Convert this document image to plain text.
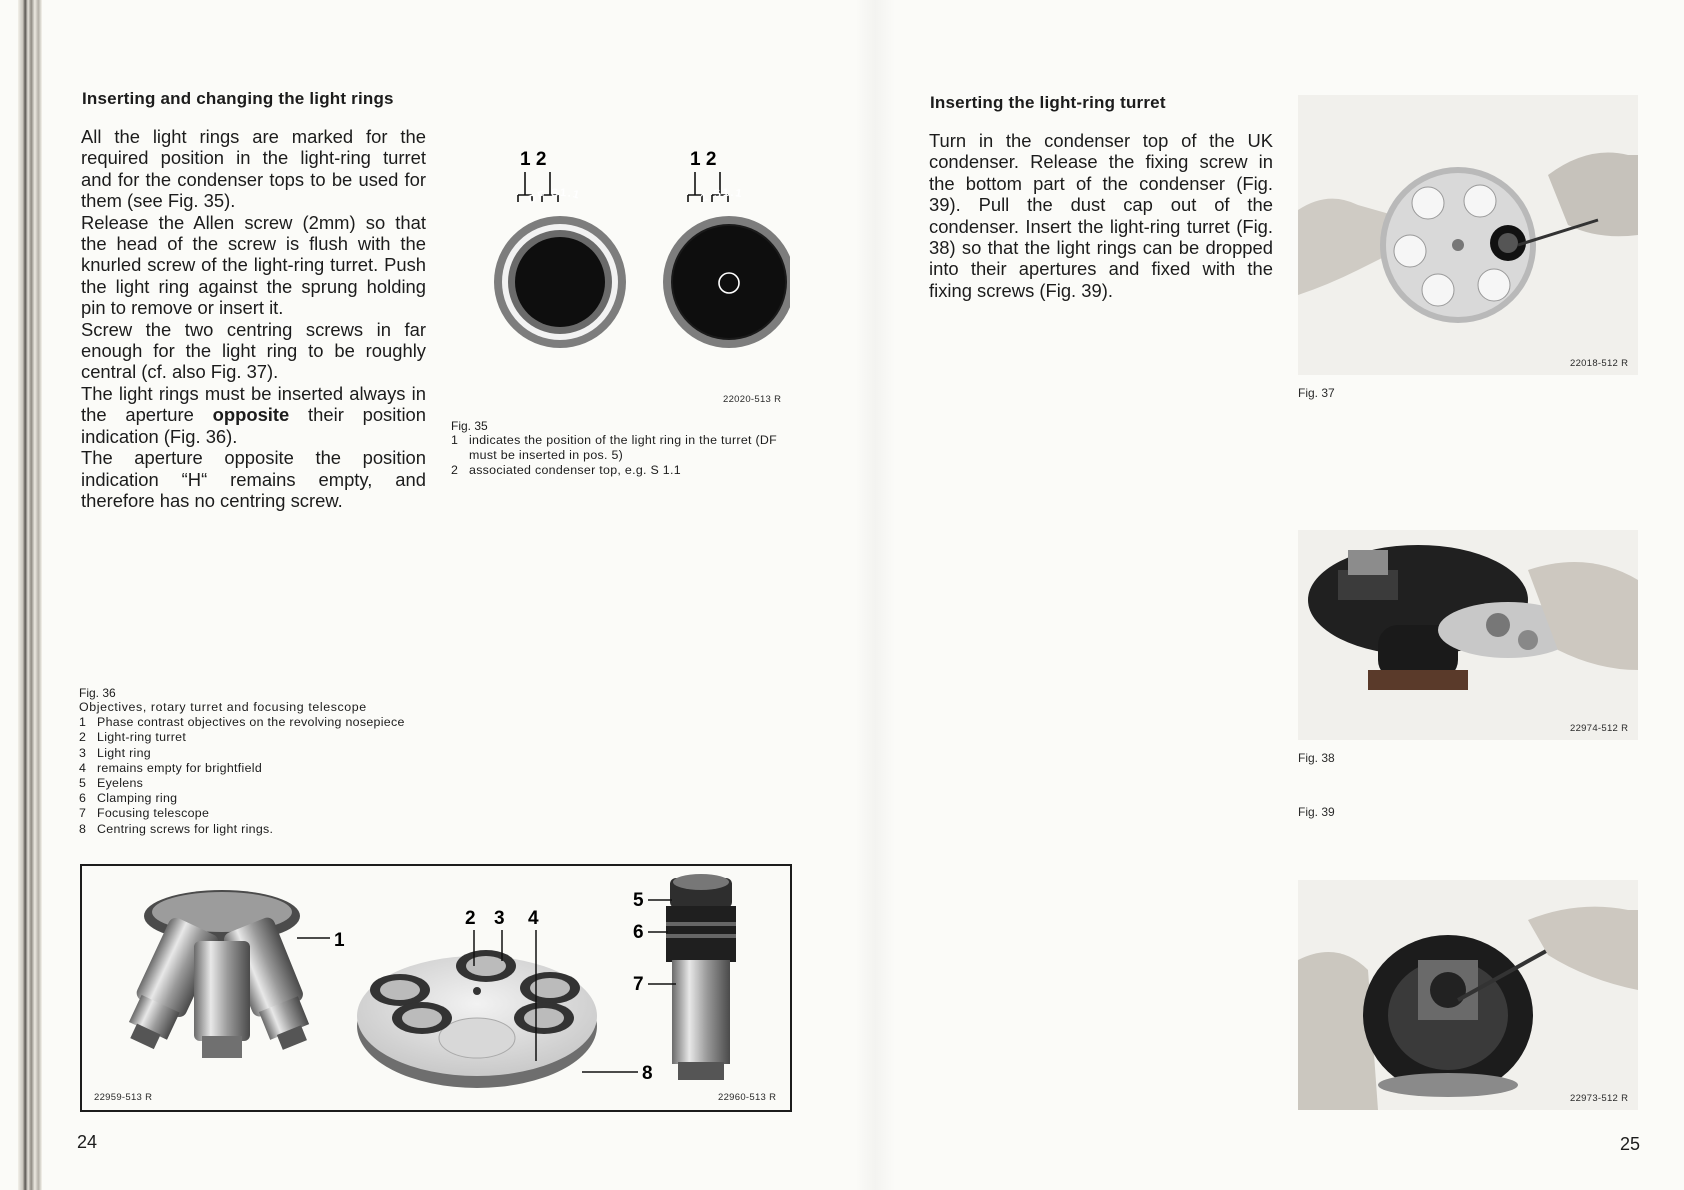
Inserting and changing the light rings

All the light rings are marked for the required position in the light-ring turret and for the condenser tops to be used for them (see Fig. 35).

Release the Allen screw (2mm) so that the head of the screw is flush with the knurled screw of the light-ring turret. Push the light ring against the sprung holding pin to remove or insert it.

Screw the two centring screws in far enough for the light ring to be roughly central (cf. also Fig. 37).

The light rings must be inserted always in the aperture opposite their position indication (Fig. 36).

The aperture opposite the position indication “H“ remains empty, and therefore has no centring screw.

1 2	1 2
DF S1.1	1 S1.1
22020-513 R
Fig. 35
1 indicates the position of the light ring in the turret (DF must be inserted in pos. 5)
2 associated condenser top, e.g. S 1.1
Fig. 36
Objectives, rotary turret and focusing telescope
1 Phase contrast objectives on the revolving nosepiece
2 Light-ring turret
3 Light ring
4 remains empty for brightfield
5 Eyelens
6 Clamping ring
7 Focusing telescope
8 Centring screws for light rings.
1
2 3 4
5
6
7
8
22959-513 R	22960-513 R
24
Inserting the light-ring turret

Turn in the condenser top of the UK condenser. Release the fixing screw in the bottom part of the condenser (Fig. 39). Pull the dust cap out of the condenser. Insert the light-ring turret (Fig. 38) so that the light rings can be dropped into their apertures and fixed with the fixing screws (Fig. 39).

22018-512 R
Fig. 37
22974-512 R
Fig. 38
Fig. 39
22973-512 R
25
